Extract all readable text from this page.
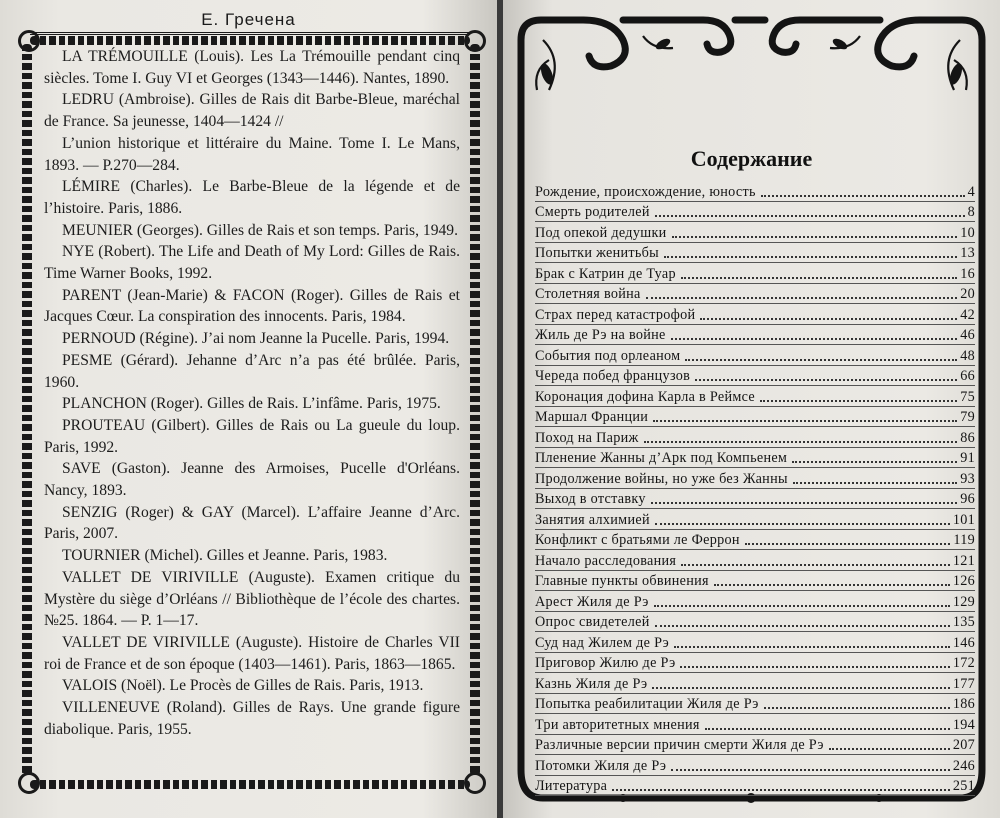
Е. Гречена

LA TRÉMOUILLE (Louis). Les La Trémouille pendant cinq siècles. Tome I. Guy VI et Georges (1343—1446). Nantes, 1890.

LEDRU (Ambroise). Gilles de Rais dit Barbe-Bleue, maréchal de France. Sa jeunesse, 1404—1424 //

L’union historique et littéraire du Maine. Tome I. Le Mans, 1893. — P.270—284.

LÉMIRE (Charles). Le Barbe-Bleue de la légende et de l’histoire. Paris, 1886.

MEUNIER (Georges). Gilles de Rais et son temps. Paris, 1949.

NYE (Robert). The Life and Death of My Lord: Gilles de Rais. Time Warner Books, 1992.

PARENT (Jean-Marie) & FACON (Roger). Gilles de Rais et Jacques Cœur. La conspiration des innocents. Paris, 1984.

PERNOUD (Régine). J’ai nom Jeanne la Pucelle. Paris, 1994.

PESME (Gérard). Jehanne d’Arc n’a pas été brûlée. Paris, 1960.

PLANCHON (Roger). Gilles de Rais. L’infâme. Paris, 1975.

PROUTEAU (Gilbert). Gilles de Rais ou La gueule du loup. Paris, 1992.

SAVE (Gaston). Jeanne des Armoises, Pucelle d'Orléans. Nancy, 1893.

SENZIG (Roger) & GAY (Marcel). L’affaire Jeanne d’Arc. Paris, 2007.

TOURNIER (Michel). Gilles et Jeanne. Paris, 1983.

VALLET DE VIRIVILLE (Auguste). Examen critique du Mystère du siège d’Orléans // Bibliothèque de l’école des chartes. №25. 1864. — P. 1—17.

VALLET DE VIRIVILLE (Auguste). Histoire de Charles VII roi de France et de son époque (1403—1461). Paris, 1863—1865.

VALOIS (Noël). Le Procès de Gilles de Rais. Paris, 1913.

VILLENEUVE (Roland). Gilles de Rays. Une grande figure diabolique. Paris, 1955.

Содержание
Рождение, происхождение, юность	4
Смерть родителей	8
Под опекой дедушки	10
Попытки женитьбы	13
Брак с Катрин де Туар	16
Столетняя война	20
Страх перед катастрофой	42
Жиль де Рэ на войне	46
События под орлеаном	48
Череда побед французов	66
Коронация дофина Карла в Реймсе	75
Маршал Франции	79
Поход на Париж	86
Пленение Жанны д’Арк под Компьенем	91
Продолжение войны, но уже без Жанны	93
Выход в отставку	96
Занятия алхимией	101
Конфликт с братьями ле Феррон	119
Начало расследования	121
Главные пункты обвинения	126
Арест Жиля де Рэ	129
Опрос свидетелей	135
Суд над Жилем де Рэ	146
Приговор Жилю де Рэ	172
Казнь Жиля де Рэ	177
Попытка реабилитации Жиля де Рэ	186
Три авторитетных мнения	194
Различные версии причин смерти Жиля де Рэ	207
Потомки Жиля де Рэ	246
Литература	251
